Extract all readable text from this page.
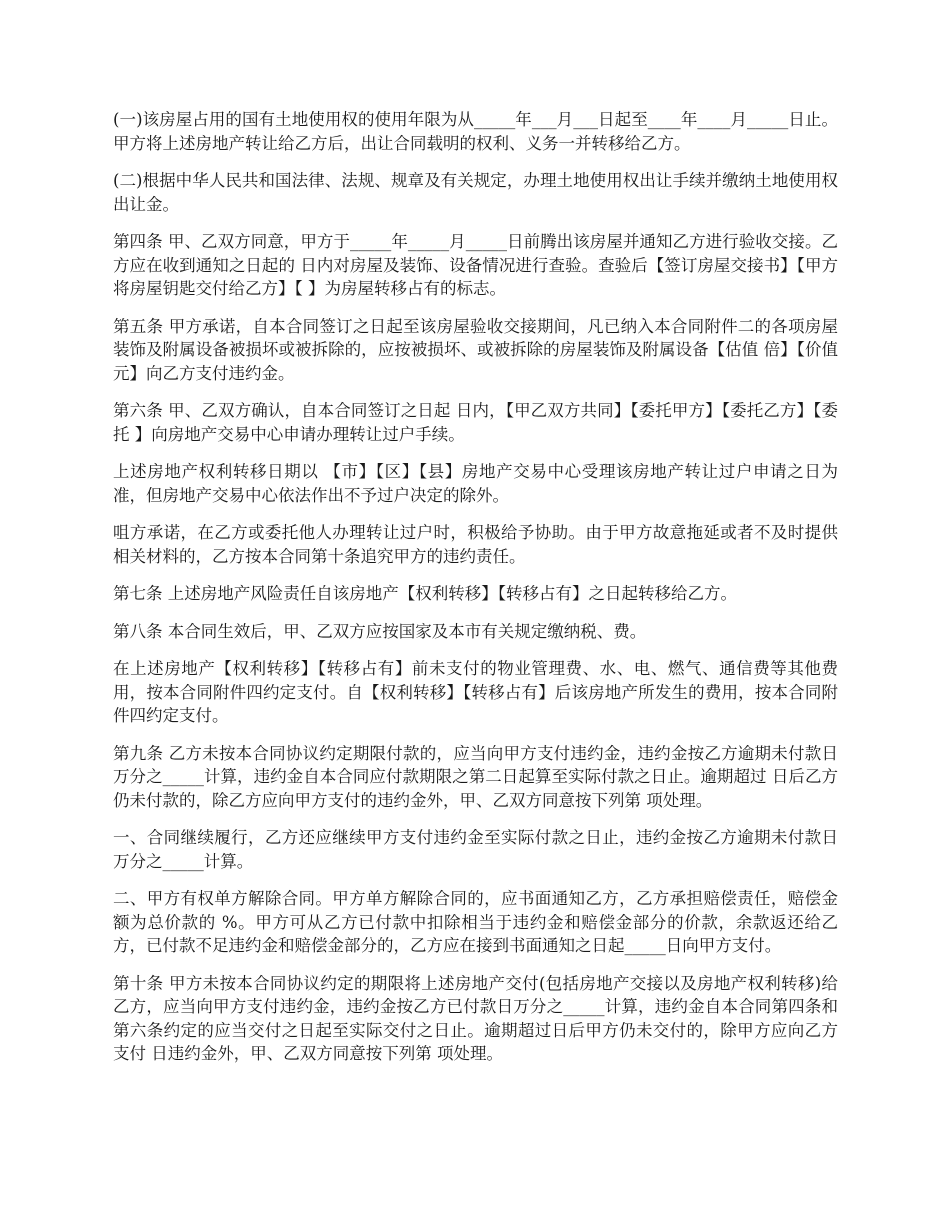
(一)该房屋占用的国有土地使用权的使用年限为从_____年___月___日起至____年____月_____日止。甲方将上述房地产转让给乙方后，出让合同载明的权利、义务一并转移给乙方。

(二)根据中华人民共和国法律、法规、规章及有关规定，办理土地使用权出让手续并缴纳土地使用权出让金。

第四条 甲、乙双方同意，甲方于_____年_____月_____日前腾出该房屋并通知乙方进行验收交接。乙方应在收到通知之日起的 日内对房屋及装饰、设备情况进行查验。查验后【签订房屋交接书】【甲方将房屋钥匙交付给乙方】【 】为房屋转移占有的标志。

第五条 甲方承诺，自本合同签订之日起至该房屋验收交接期间，凡已纳入本合同附件二的各项房屋装饰及附属设备被损坏或被拆除的，应按被损坏、或被拆除的房屋装饰及附属设备【估值 倍】【价值 元】向乙方支付违约金。

第六条 甲、乙双方确认，自本合同签订之日起 日内，【甲乙双方共同】【委托甲方】【委托乙方】【委托 】向房地产交易中心申请办理转让过户手续。

上述房地产权利转移日期以 【市】【区】【县】房地产交易中心受理该房地产转让过户申请之日为准，但房地产交易中心依法作出不予过户决定的除外。

咀方承诺，在乙方或委托他人办理转让过户时，积极给予协助。由于甲方故意拖延或者不及时提供相关材料的，乙方按本合同第十条追究甲方的违约责任。

第七条 上述房地产风险责任自该房地产【权利转移】【转移占有】之日起转移给乙方。

第八条 本合同生效后，甲、乙双方应按国家及本市有关规定缴纳税、费。

在上述房地产【权利转移】【转移占有】前未支付的物业管理费、水、电、燃气、通信费等其他费用，按本合同附件四约定支付。自【权利转移】【转移占有】后该房地产所发生的费用，按本合同附件四约定支付。

第九条 乙方未按本合同协议约定期限付款的，应当向甲方支付违约金，违约金按乙方逾期未付款日万分之_____计算，违约金自本合同应付款期限之第二日起算至实际付款之日止。逾期超过 日后乙方仍未付款的，除乙方应向甲方支付的违约金外，甲、乙双方同意按下列第 项处理。

一、合同继续履行，乙方还应继续甲方支付违约金至实际付款之日止，违约金按乙方逾期未付款日万分之_____计算。

二、甲方有权单方解除合同。甲方单方解除合同的，应书面通知乙方，乙方承担赔偿责任，赔偿金额为总价款的 %。甲方可从乙方已付款中扣除相当于违约金和赔偿金部分的价款，余款返还给乙方，已付款不足违约金和赔偿金部分的，乙方应在接到书面通知之日起_____日向甲方支付。

第十条 甲方未按本合同协议约定的期限将上述房地产交付(包括房地产交接以及房地产权利转移)给乙方，应当向甲方支付违约金，违约金按乙方已付款日万分之_____计算，违约金自本合同第四条和第六条约定的应当交付之日起至实际交付之日止。逾期超过日后甲方仍未交付的，除甲方应向乙方支付 日违约金外，甲、乙双方同意按下列第 项处理。
